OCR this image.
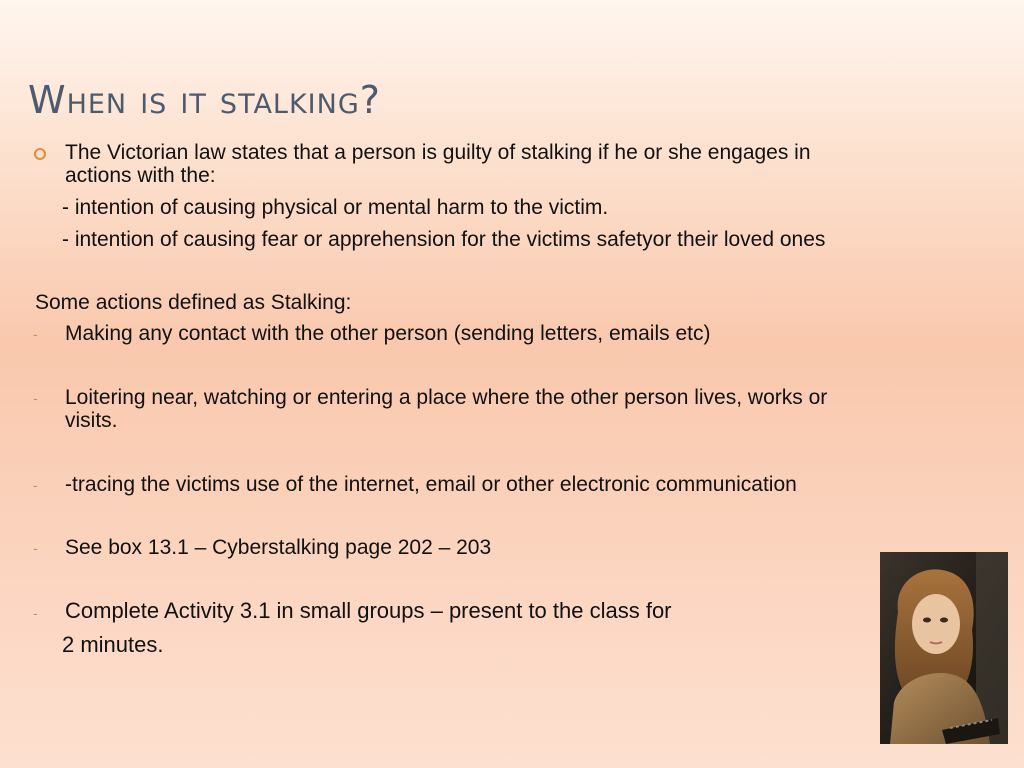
When is it stalking?
The Victorian law states that a person is guilty of stalking if he or she engages in
actions with the:
- intention of causing physical or mental harm to the victim.
- intention of causing fear or apprehension for the victims safetyor their loved ones
Some actions defined as Stalking:
- Making any contact with the other person (sending letters, emails etc)
- Loitering near, watching or entering a place where the other person lives, works or
visits.
- -tracing the victims use of the internet, email or other electronic communication
- See box 13.1 – Cyberstalking page 202 – 203
- Complete Activity 3.1 in small groups – present to the class for
2 minutes.
